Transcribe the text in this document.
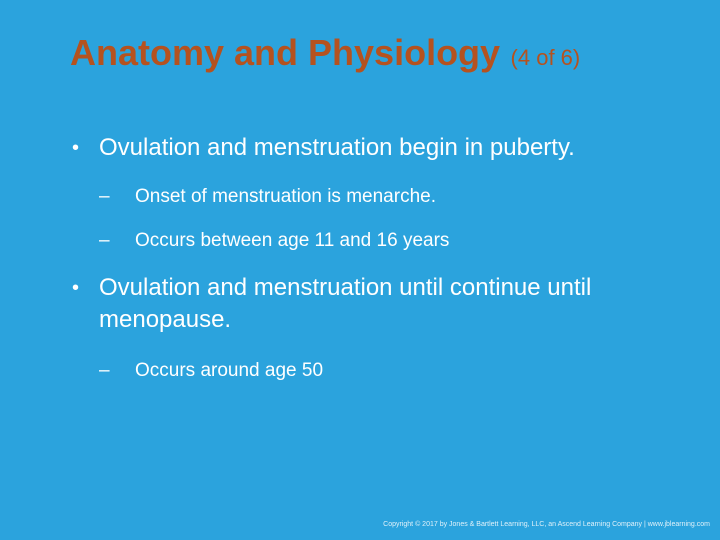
Anatomy and Physiology (4 of 6)
• Ovulation and menstruation begin in puberty.
– Onset of menstruation is menarche.
– Occurs between age 11 and 16 years
• Ovulation and menstruation until continue until menopause.
– Occurs around age 50
Copyright © 2017 by Jones & Bartlett Learning, LLC, an Ascend Learning Company | www.jblearning.com
